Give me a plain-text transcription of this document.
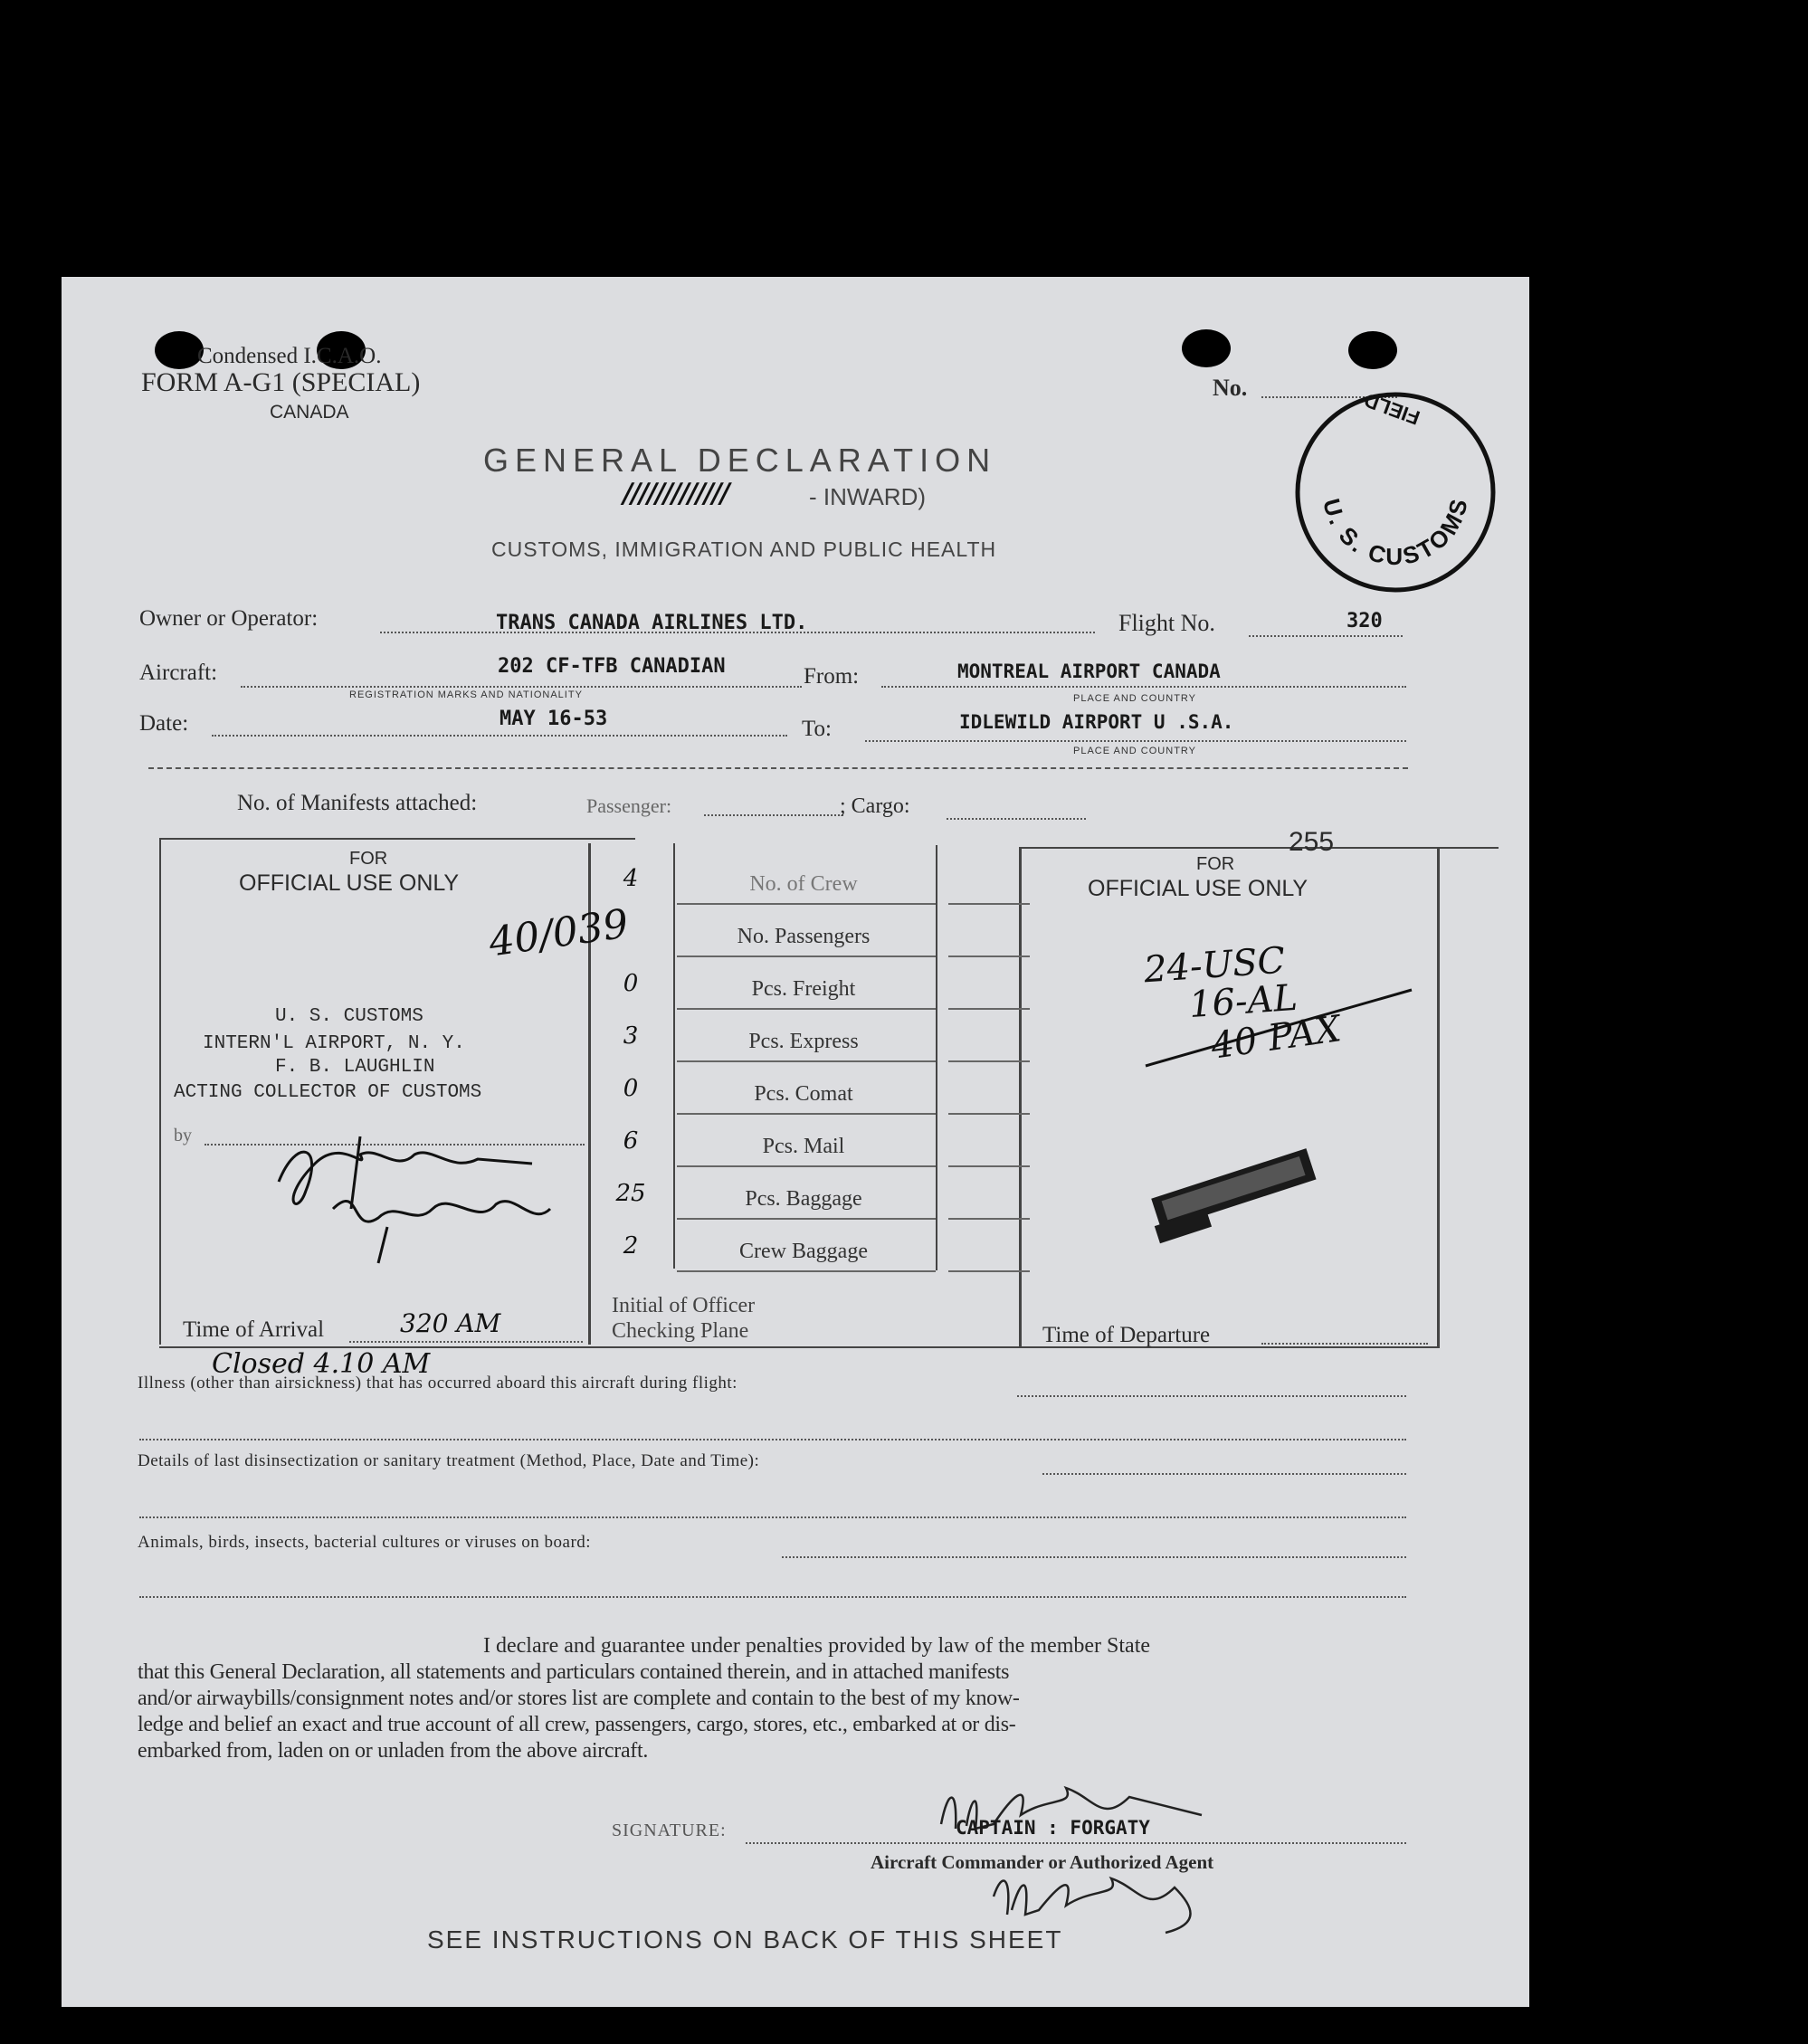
Condensed I.C.A.O.
FORM A-G1 (SPECIAL)
CANADA
No.
U. S. CUSTOMS
FIELD
GENERAL DECLARATION
/////////////	- INWARD)
CUSTOMS, IMMIGRATION AND PUBLIC HEALTH
Owner or Operator:	TRANS CANADA AIRLINES LTD.	Flight No.	320
Aircraft:	202 CF-TFB CANADIAN
REGISTRATION MARKS AND NATIONALITY
From:	MONTREAL AIRPORT CANADA
PLACE AND COUNTRY
Date:	MAY 16-53	To:	IDLEWILD AIRPORT U .S.A.
PLACE AND COUNTRY
No. of Manifests attached:	Passenger:	; Cargo:
FOR
OFFICIAL USE ONLY
40/039
U. S. CUSTOMS
INTERN'L AIRPORT, N. Y.
F. B. LAUGHLIN
ACTING COLLECTOR OF CUSTOMS
by
Time of Arrival	320 AM
Closed 4.10 AM
4	No. of Crew
No. Passengers
0	Pcs. Freight
3	Pcs. Express
0	Pcs. Comat
6	Pcs. Mail
25	Pcs. Baggage
2	Crew Baggage
Initial of Officer
Checking Plane
255
FOR
OFFICIAL USE ONLY
24-USC
16-AL
40 PAX
Time of Departure
Illness (other than airsickness) that has occurred aboard this aircraft during flight:
Details of last disinsectization or sanitary treatment (Method, Place, Date and Time):
Animals, birds, insects, bacterial cultures or viruses on board:
I declare and guarantee under penalties provided by law of the member State
that this General Declaration, all statements and particulars contained therein, and in attached manifests
and/or airwaybills/consignment notes and/or stores list are complete and contain to the best of my know-
ledge and belief an exact and true account of all crew, passengers, cargo, stores, etc., embarked at or dis-
embarked from, laden on or unladen from the above aircraft.
SIGNATURE:	CAPTAIN : FORGATY
Aircraft Commander or Authorized Agent
SEE INSTRUCTIONS ON BACK OF THIS SHEET
